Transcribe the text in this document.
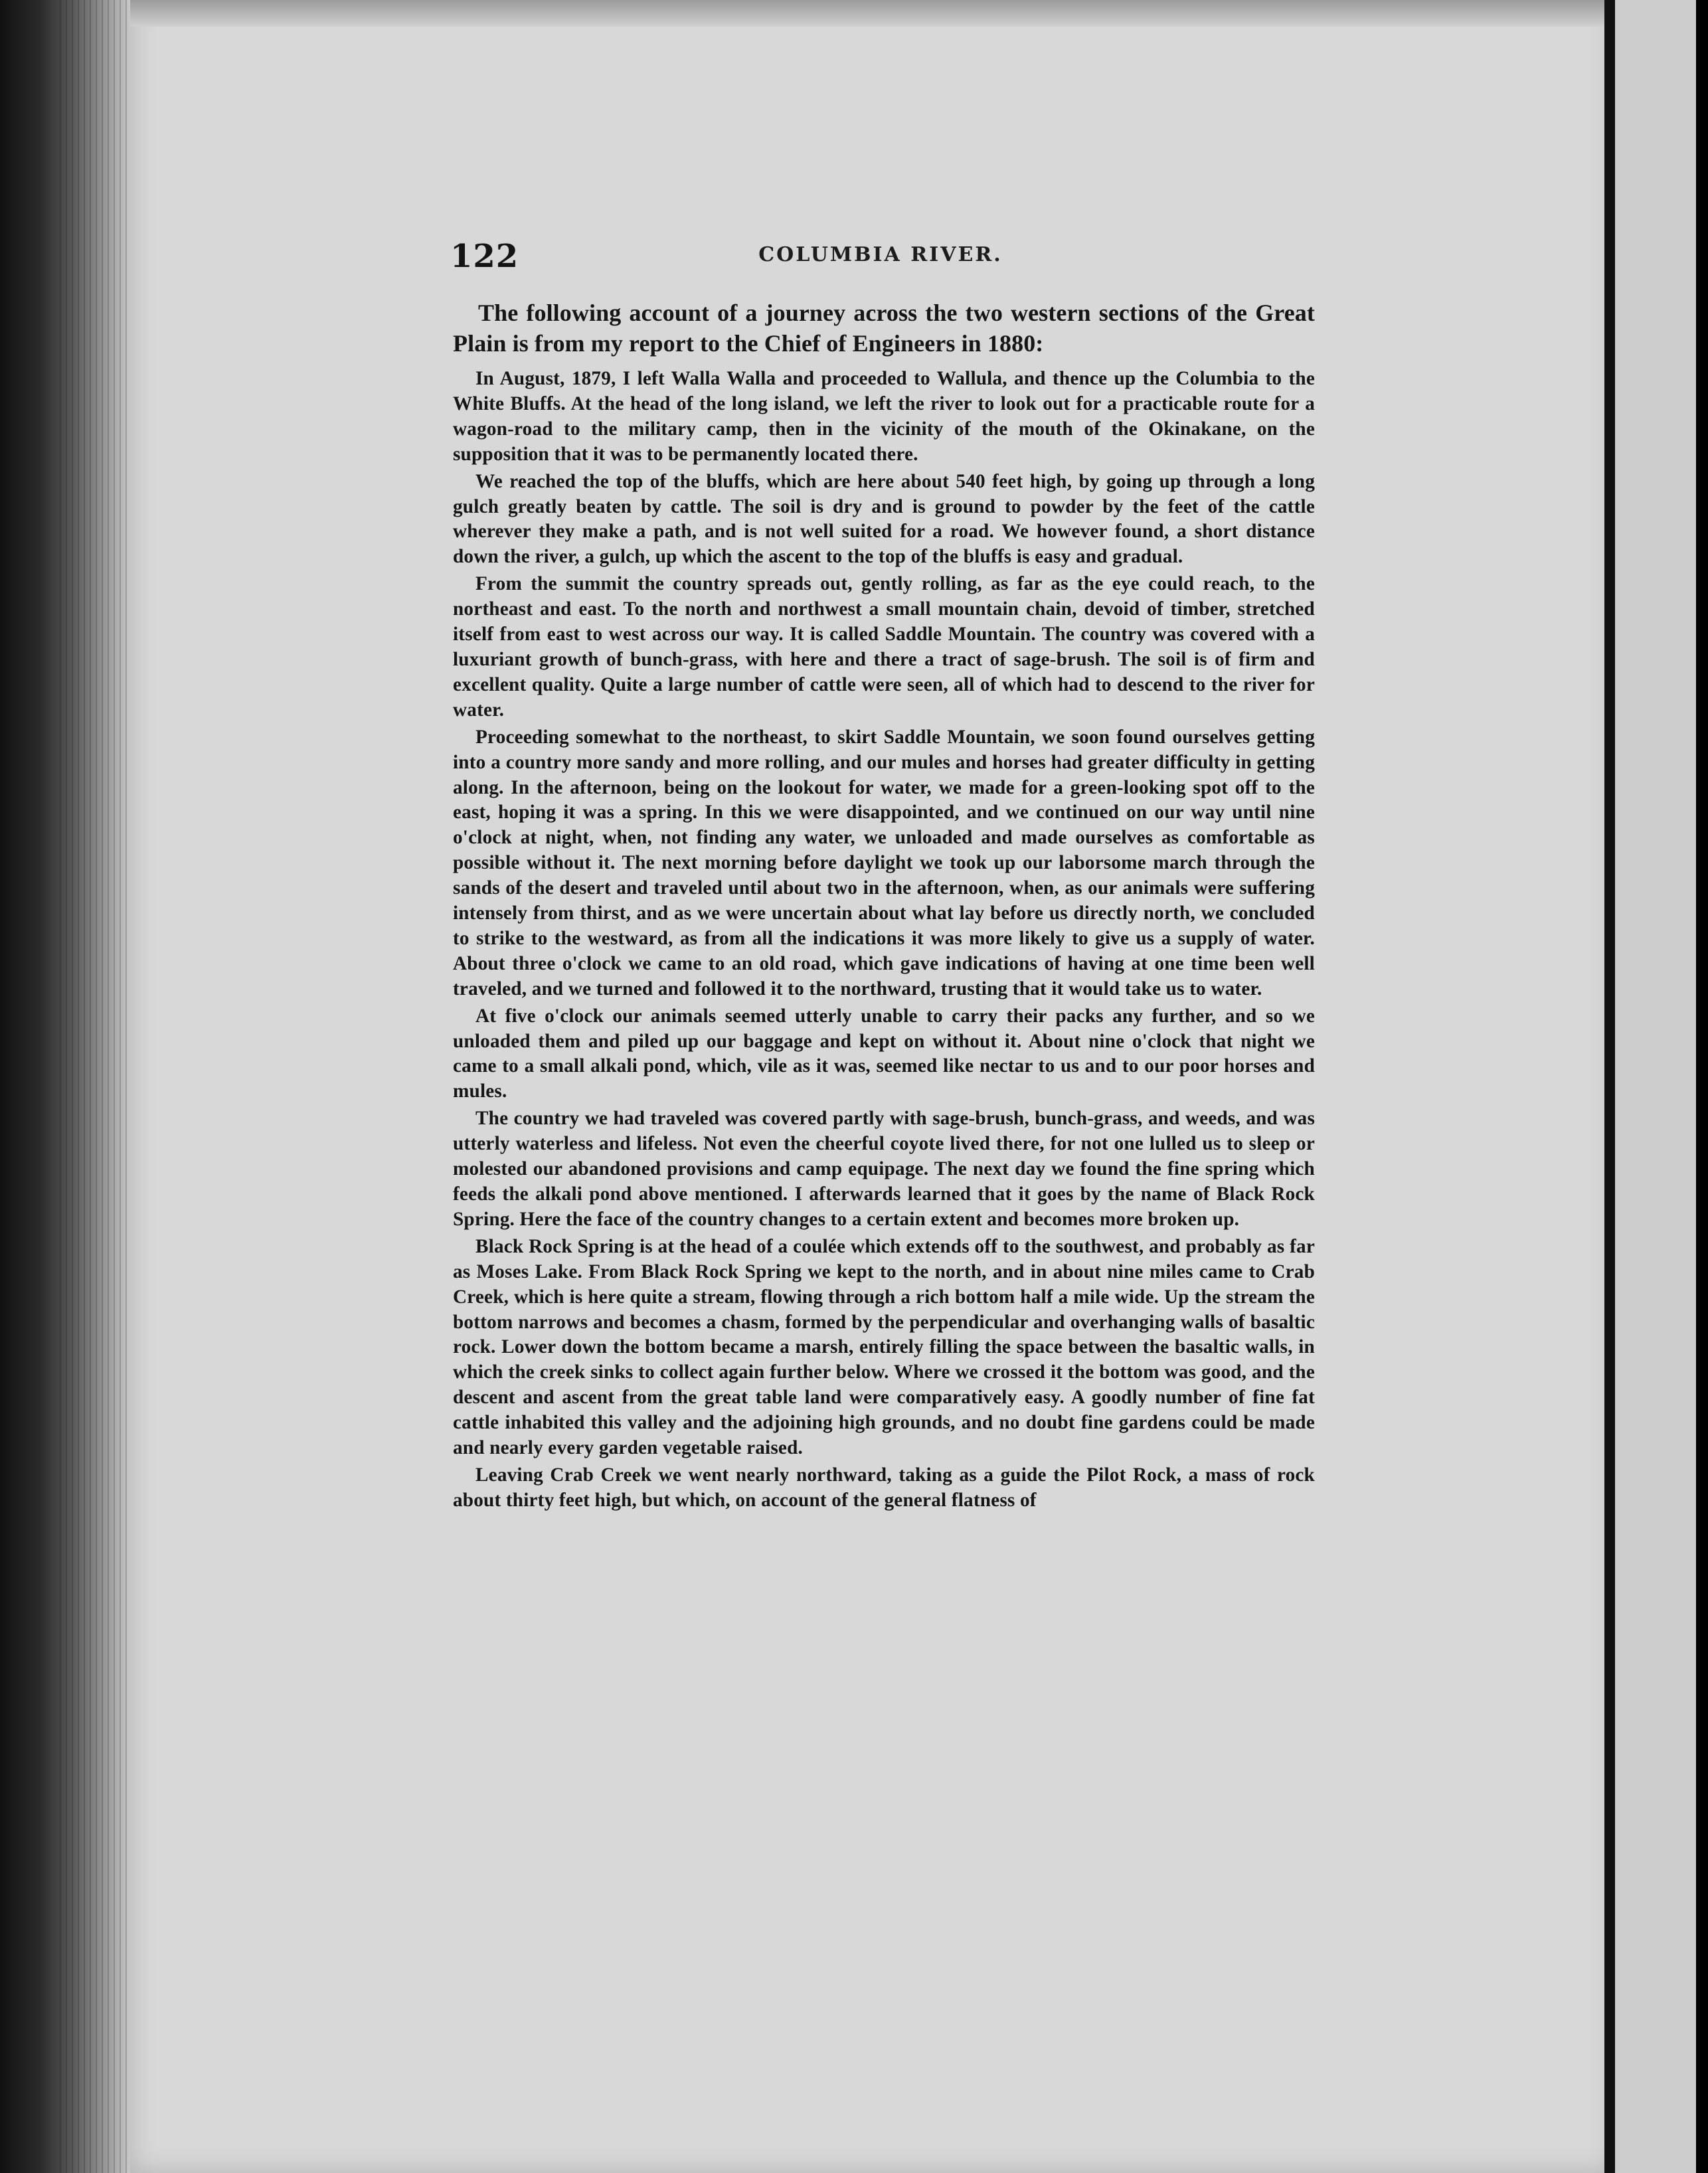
122	COLUMBIA RIVER.

The following account of a journey across the two western sections of the Great Plain is from my report to the Chief of Engineers in 1880:

In August, 1879, I left Walla Walla and proceeded to Wallula, and thence up the Columbia to the White Bluffs. At the head of the long island, we left the river to look out for a practicable route for a wagon-road to the military camp, then in the vicinity of the mouth of the Okinakane, on the supposition that it was to be permanently located there.

We reached the top of the bluffs, which are here about 540 feet high, by going up through a long gulch greatly beaten by cattle. The soil is dry and is ground to powder by the feet of the cattle wherever they make a path, and is not well suited for a road. We however found, a short distance down the river, a gulch, up which the ascent to the top of the bluffs is easy and gradual.

From the summit the country spreads out, gently rolling, as far as the eye could reach, to the northeast and east. To the north and northwest a small mountain chain, devoid of timber, stretched itself from east to west across our way. It is called Saddle Mountain. The country was covered with a luxuriant growth of bunch-grass, with here and there a tract of sage-brush. The soil is of firm and excellent quality. Quite a large number of cattle were seen, all of which had to descend to the river for water.

Proceeding somewhat to the northeast, to skirt Saddle Mountain, we soon found ourselves getting into a country more sandy and more rolling, and our mules and horses had greater difficulty in getting along. In the afternoon, being on the lookout for water, we made for a green-looking spot off to the east, hoping it was a spring. In this we were disappointed, and we continued on our way until nine o'clock at night, when, not finding any water, we unloaded and made ourselves as comfortable as possible without it. The next morning before daylight we took up our laborsome march through the sands of the desert and traveled until about two in the afternoon, when, as our animals were suffering intensely from thirst, and as we were uncertain about what lay before us directly north, we concluded to strike to the westward, as from all the indications it was more likely to give us a supply of water. About three o'clock we came to an old road, which gave indications of having at one time been well traveled, and we turned and followed it to the northward, trusting that it would take us to water.

At five o'clock our animals seemed utterly unable to carry their packs any further, and so we unloaded them and piled up our baggage and kept on without it. About nine o'clock that night we came to a small alkali pond, which, vile as it was, seemed like nectar to us and to our poor horses and mules.

The country we had traveled was covered partly with sage-brush, bunch-grass, and weeds, and was utterly waterless and lifeless. Not even the cheerful coyote lived there, for not one lulled us to sleep or molested our abandoned provisions and camp equipage. The next day we found the fine spring which feeds the alkali pond above mentioned. I afterwards learned that it goes by the name of Black Rock Spring. Here the face of the country changes to a certain extent and becomes more broken up.

Black Rock Spring is at the head of a coulée which extends off to the southwest, and probably as far as Moses Lake. From Black Rock Spring we kept to the north, and in about nine miles came to Crab Creek, which is here quite a stream, flowing through a rich bottom half a mile wide. Up the stream the bottom narrows and becomes a chasm, formed by the perpendicular and overhanging walls of basaltic rock. Lower down the bottom became a marsh, entirely filling the space between the basaltic walls, in which the creek sinks to collect again further below. Where we crossed it the bottom was good, and the descent and ascent from the great table land were comparatively easy. A goodly number of fine fat cattle inhabited this valley and the adjoining high grounds, and no doubt fine gardens could be made and nearly every garden vegetable raised.

Leaving Crab Creek we went nearly northward, taking as a guide the Pilot Rock, a mass of rock about thirty feet high, but which, on account of the general flatness of
